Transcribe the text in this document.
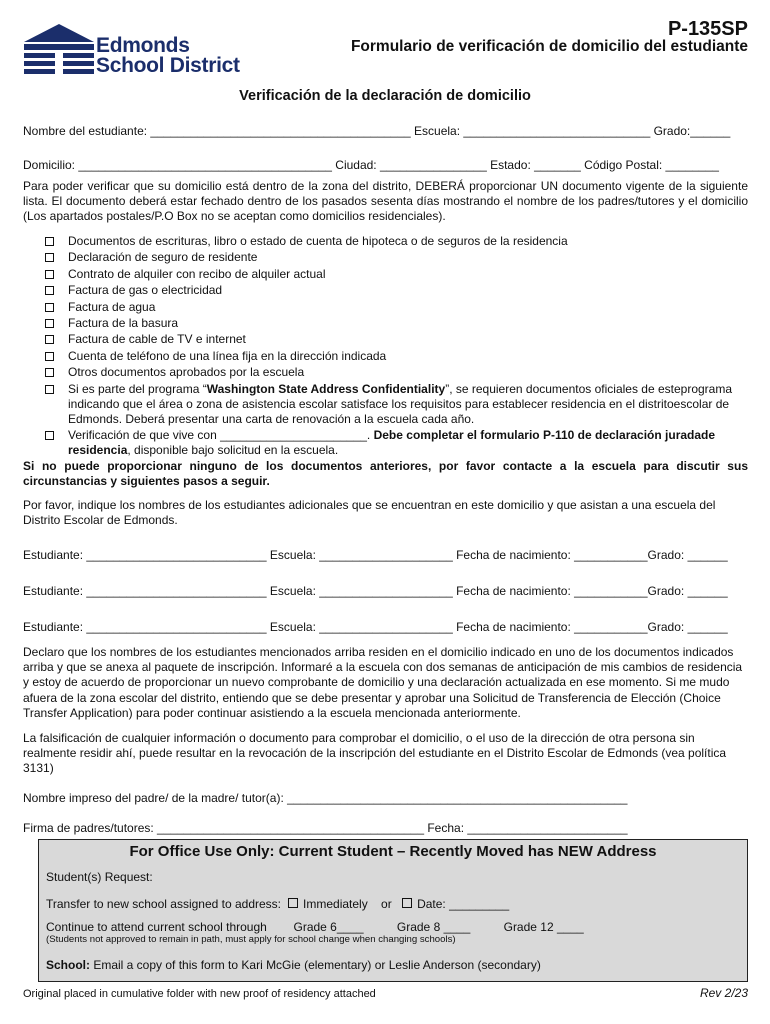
Edmonds
School District
P-135SP
Formulario de verificación de domicilio del estudiante
Verificación de la declaración de domicilio
Nombre del estudiante: _______________________________________ Escuela: ____________________________ Grado:______
Domicilio: ______________________________________ Ciudad: ________________ Estado: _______ Código Postal: ________
Para poder verificar que su domicilio está dentro de la zona del distrito, DEBERÁ proporcionar UN documento vigente de la siguiente lista. El documento deberá estar fechado dentro de los pasados sesenta días mostrando el nombre de los padres/tutores y el domicilio (Los apartados postales/P.O Box no se aceptan como domicilios residenciales).
Documentos de escrituras, libro o estado de cuenta de hipoteca o de seguros de la residencia
Declaración de seguro de residente
Contrato de alquiler con recibo de alquiler actual
Factura de gas o electricidad
Factura de agua
Factura de la basura
Factura de cable de TV e internet
Cuenta de teléfono de una línea fija en la dirección indicada
Otros documentos aprobados por la escuela
Si es parte del programa “Washington State Address Confidentiality”, se requieren documentos oficiales de esteprograma indicando que el área o zona de asistencia escolar satisface los requisitos para establecer residencia en el distritoescolar de Edmonds. Deberá presentar una carta de renovación a la escuela cada año.
Verificación de que vive con ______________________. Debe completar el formulario P-110 de declaración juradade residencia, disponible bajo solicitud en la escuela.
Si no puede proporcionar ninguno de los documentos anteriores, por favor contacte a la escuela para discutir sus circunstancias y siguientes pasos a seguir.
Por favor, indique los nombres de los estudiantes adicionales que se encuentran en este domicilio y que asistan a una escuela del Distrito Escolar de Edmonds.
Estudiante: ___________________________ Escuela: ____________________ Fecha de nacimiento: ___________Grado: ______
Estudiante: ___________________________ Escuela: ____________________ Fecha de nacimiento: ___________Grado: ______
Estudiante: ___________________________ Escuela: ____________________ Fecha de nacimiento: ___________Grado: ______
Declaro que los nombres de los estudiantes mencionados arriba residen en el domicilio indicado en uno de los documentos indicados arriba y que se anexa al paquete de inscripción. Informaré a la escuela con dos semanas de anticipación de mis cambios de residencia y estoy de acuerdo de proporcionar un nuevo comprobante de domicilio y una declaración actualizada en ese momento. Si me mudo afuera de la zona escolar del distrito, entiendo que se debe presentar y aprobar una Solicitud de Transferencia de Elección (Choice Transfer Application) para poder continuar asistiendo a la escuela mencionada anteriormente.
La falsificación de cualquier información o documento para comprobar el domicilio, o el uso de la dirección de otra persona sin realmente residir ahí, puede resultar en la revocación de la inscripción del estudiante en el Distrito Escolar de Edmonds (vea política 3131)
Nombre impreso del padre/ de la madre/ tutor(a): ___________________________________________________
Firma de padres/tutores: ________________________________________ Fecha: ________________________
For Office Use Only: Current Student – Recently Moved has NEW Address
Student(s) Request:
Transfer to new school assigned to address:   Immediately    or    Date: _________
Continue to attend current school through        Grade 6____          Grade 8 ____          Grade 12 ____
(Students not approved to remain in path, must apply for school change when changing schools)
School: Email a copy of this form to Kari McGie (elementary) or Leslie Anderson (secondary)
Original placed in cumulative folder with new proof of residency attached	Rev 2/23
